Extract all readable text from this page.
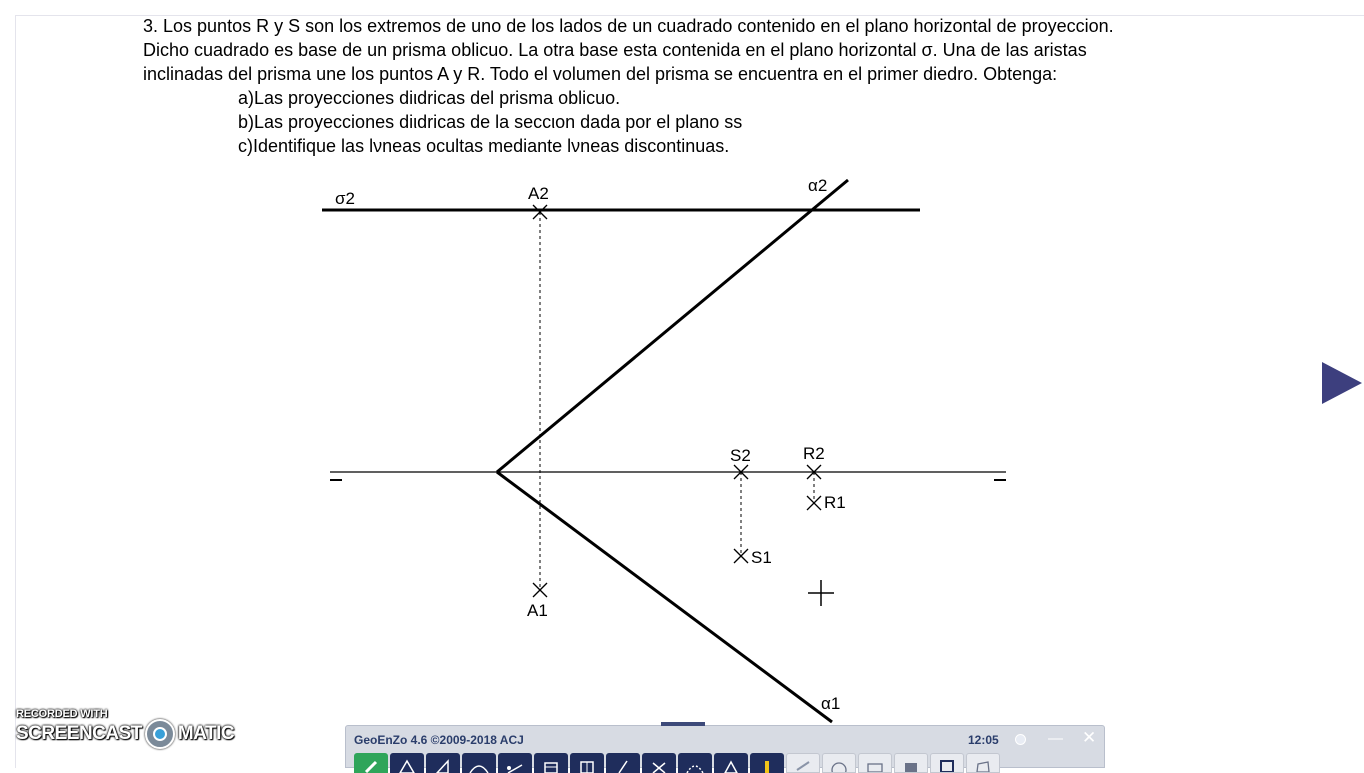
3. Los puntos R y S son los extremos de uno de los lados de un cuadrado contenido en el plano horizontal de proyeccion.
Dicho cuadrado es base de un prisma oblicuo. La otra base esta contenida en el plano horizontal σ. Una de las aristas
inclinadas del prisma une los puntos A y R. Todo el volumen del prisma se encuentra en el primer diedro. Obtenga:
a)Las proyecciones diιdricas del prisma oblicuo.
b)Las proyecciones diιdricas de la seccιon dada por el plano ss
c)Identifique las lνneas ocultas mediante lνneas discontinuas.
σ2	A2	α2
S2	R2
R1
S1
A1
α1
RECORDED WITH
SCREENCAST MATIC	GeoEnZo 4.6 ©2009-2018 ACJ	12:05	— ✕
